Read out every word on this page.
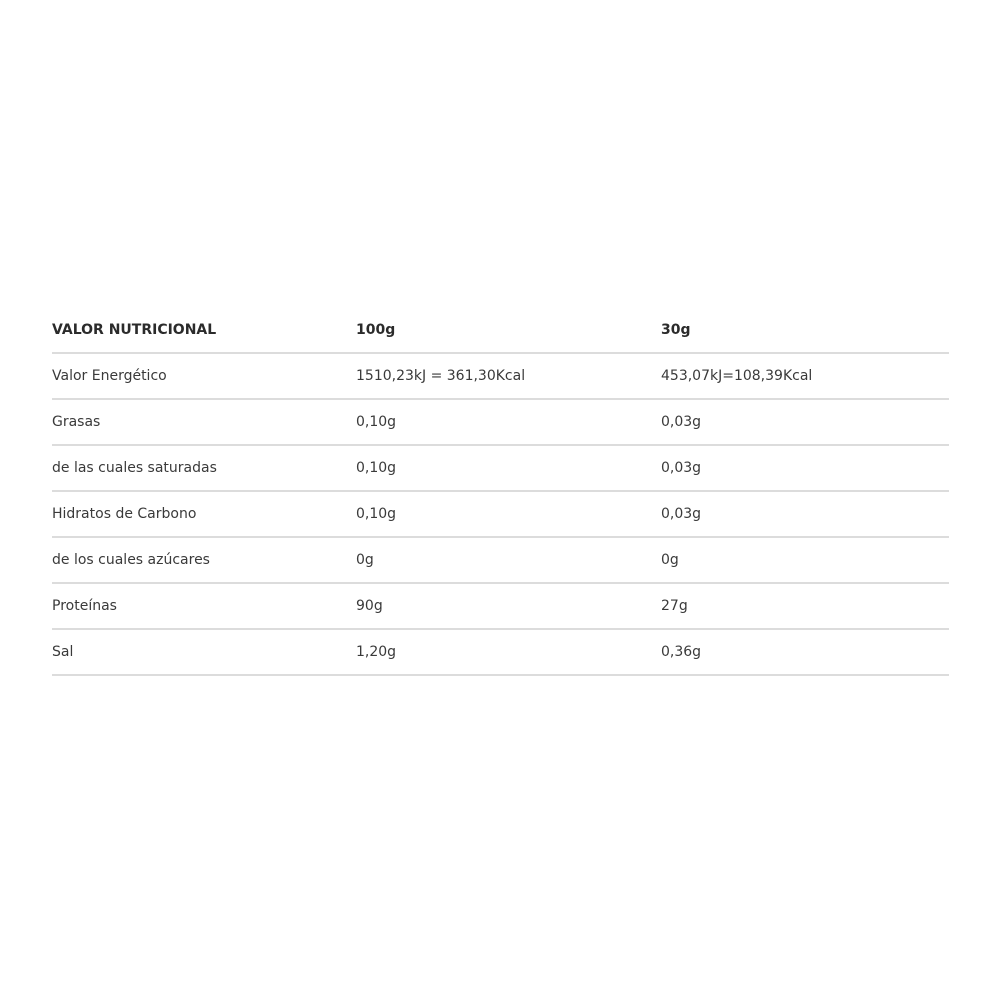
VALOR NUTRICIONAL	100g	30g
Valor Energético	1510,23kJ = 361,30Kcal	453,07kJ=108,39Kcal
Grasas	0,10g	0,03g
de las cuales saturadas	0,10g	0,03g
Hidratos de Carbono	0,10g	0,03g
de los cuales azúcares	0g	0g
Proteínas	90g	27g
Sal	1,20g	0,36g
